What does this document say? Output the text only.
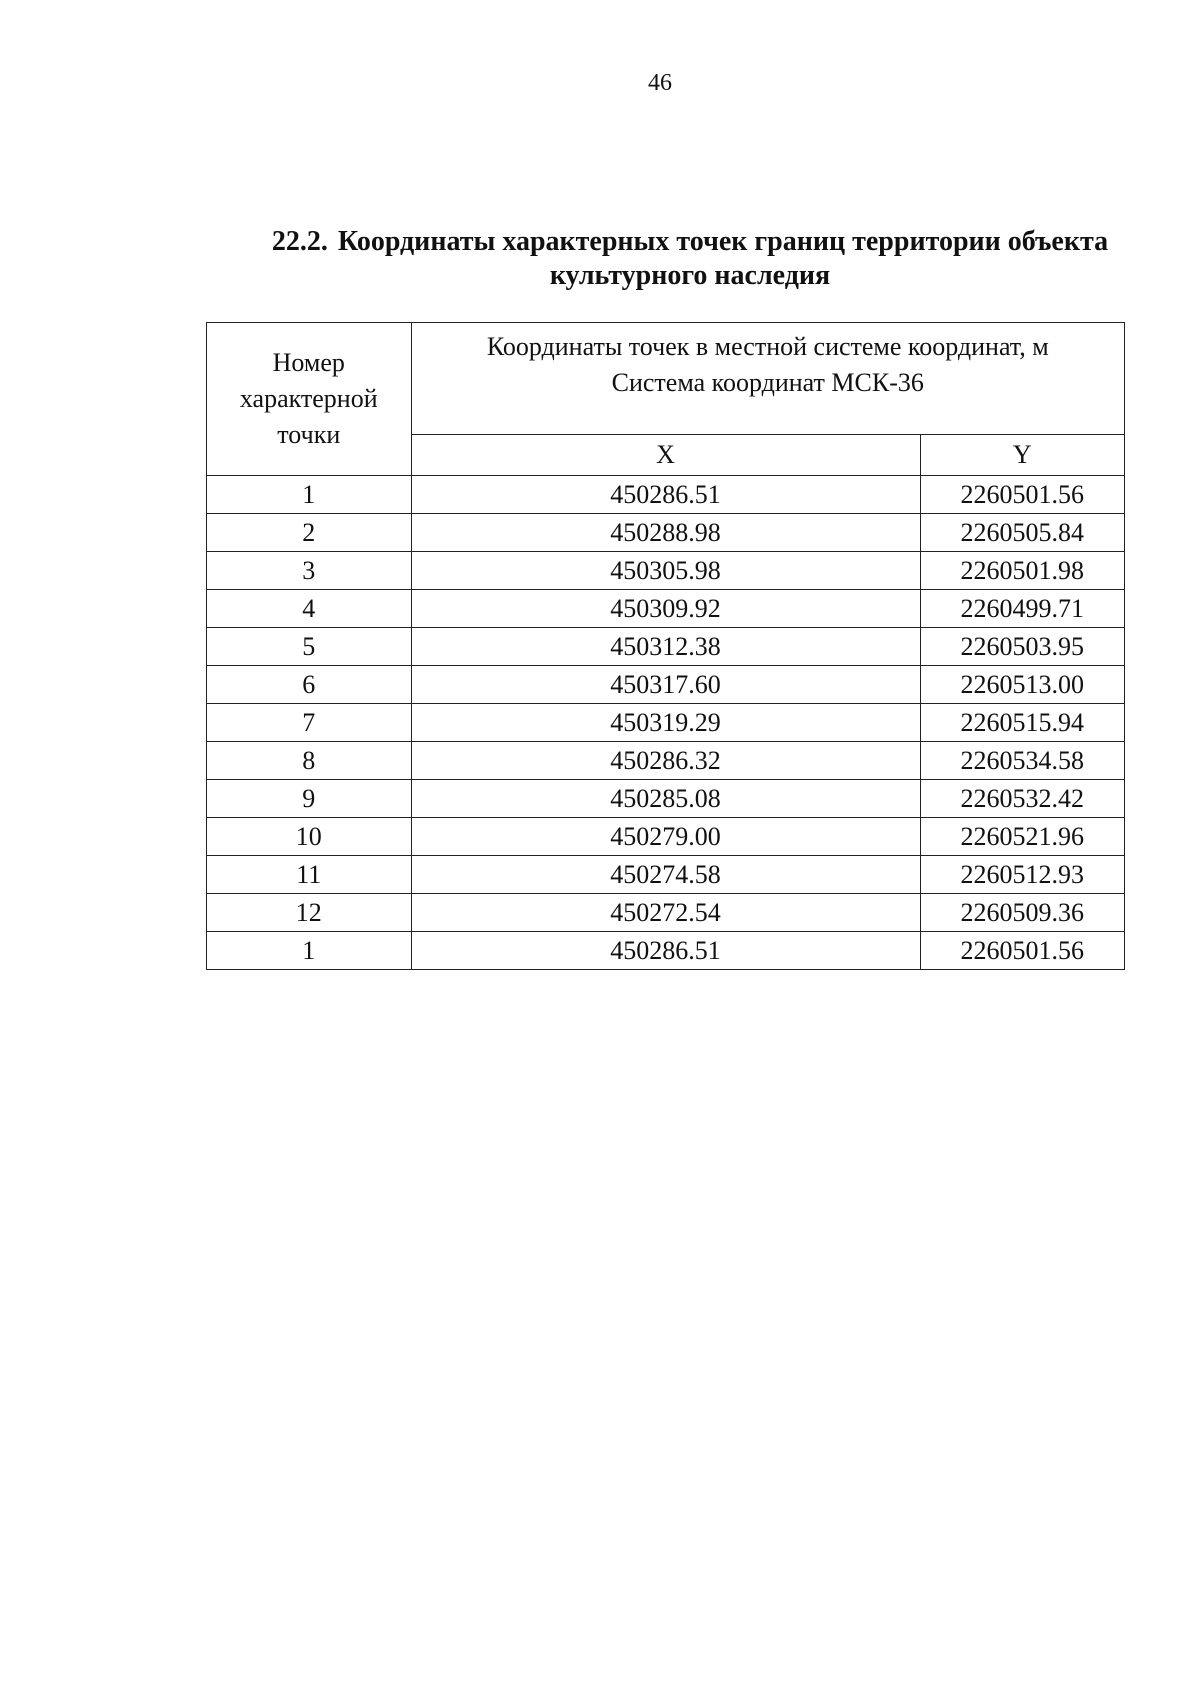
46
22.2. Координаты характерных точек границ территории объекта
культурного наследия
Номер
характерной
точки	Координаты точек в местной системе координат, м
Система координат МСК-36	

	X	Y
1	450286.51	2260501.56
2	450288.98	2260505.84
3	450305.98	2260501.98
4	450309.92	2260499.71
5	450312.38	2260503.95
6	450317.60	2260513.00
7	450319.29	2260515.94
8	450286.32	2260534.58
9	450285.08	2260532.42
10	450279.00	2260521.96
11	450274.58	2260512.93
12	450272.54	2260509.36
1	450286.51	2260501.56
